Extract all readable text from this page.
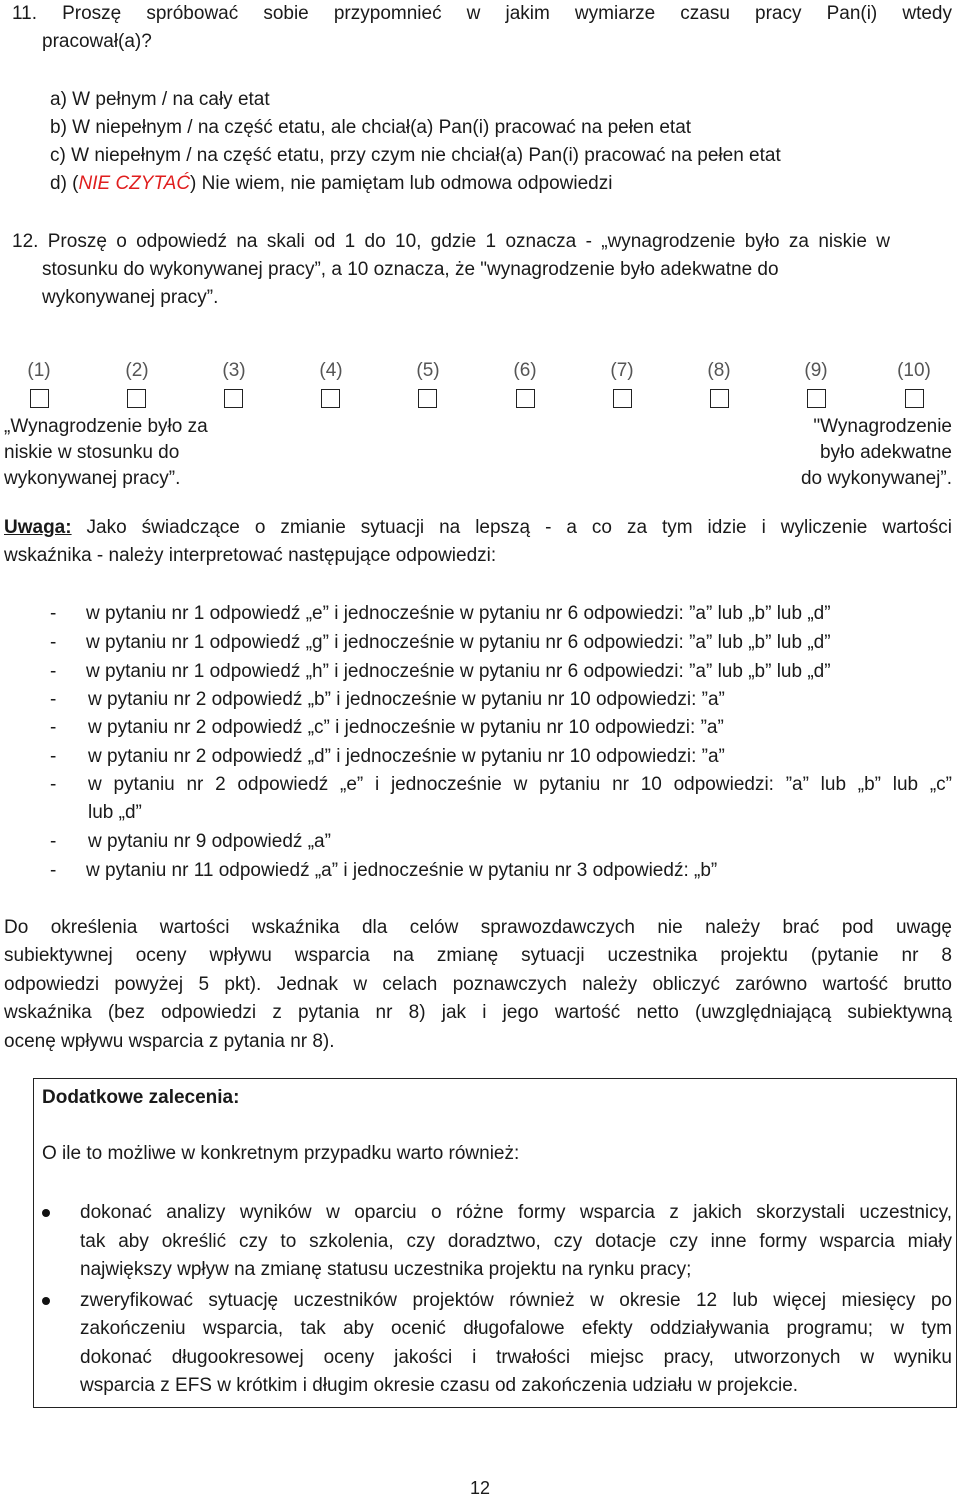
11. Proszę spróbować sobie przypomnieć w jakim wymiarze czasu pracy Pan(i) wtedy
pracował(a)?
a) W pełnym / na cały etat
b) W niepełnym / na część etatu, ale chciał(a) Pan(i) pracować na pełen etat
c) W niepełnym / na część etatu, przy czym nie chciał(a) Pan(i) pracować na pełen etat
d) (NIE CZYTAĆ) Nie wiem, nie pamiętam lub odmowa odpowiedzi
12. Proszę o odpowiedź na skali od 1 do 10, gdzie 1 oznacza - „wynagrodzenie było za niskie w
stosunku do wykonywanej pracy”, a 10 oznacza, że "wynagrodzenie było adekwatne do
wykonywanej pracy”.
(1)	(2)	(3)	(4)	(5)	(6)	(7)	(8)	(9)	(10)
„Wynagrodzenie było za
niskie w stosunku do
wykonywanej pracy”.
"Wynagrodzenie
było adekwatne
do wykonywanej”.
Uwaga: Jako świadczące o zmianie sytuacji na lepszą - a co za tym idzie i wyliczenie wartości
wskaźnika - należy interpretować następujące odpowiedzi:
- w pytaniu nr 1 odpowiedź „e” i jednocześnie w pytaniu nr 6 odpowiedzi: ”a” lub „b” lub „d”
- w pytaniu nr 1 odpowiedź „g” i jednocześnie w pytaniu nr 6 odpowiedzi: ”a” lub „b” lub „d”
- w pytaniu nr 1 odpowiedź „h” i jednocześnie w pytaniu nr 6 odpowiedzi: ”a” lub „b” lub „d”
- w pytaniu nr 2 odpowiedź „b” i jednocześnie w pytaniu nr 10 odpowiedzi: ”a”
- w pytaniu nr 2 odpowiedź „c” i jednocześnie w pytaniu nr 10 odpowiedzi: ”a”
- w pytaniu nr 2 odpowiedź „d” i jednocześnie w pytaniu nr 10 odpowiedzi: ”a”
- w pytaniu nr 2 odpowiedź „e” i jednocześnie w pytaniu nr 10 odpowiedzi: ”a” lub „b” lub „c”
lub „d”
- w pytaniu nr 9 odpowiedź „a”
- w pytaniu nr 11 odpowiedź „a” i jednocześnie w pytaniu nr 3 odpowiedź: „b”
Do określenia wartości wskaźnika dla celów sprawozdawczych nie należy brać pod uwagę
subiektywnej oceny wpływu wsparcia na zmianę sytuacji uczestnika projektu (pytanie nr 8
odpowiedzi powyżej 5 pkt). Jednak w celach poznawczych należy obliczyć zarówno wartość brutto
wskaźnika (bez odpowiedzi z pytania nr 8) jak i jego wartość netto (uwzględniającą subiektywną
ocenę wpływu wsparcia z pytania nr 8).
Dodatkowe zalecenia:
O ile to możliwe w konkretnym przypadku warto również:
dokonać analizy wyników w oparciu o różne formy wsparcia z jakich skorzystali uczestnicy,
tak aby określić czy to szkolenia, czy doradztwo, czy dotacje czy inne formy wsparcia miały
największy wpływ na zmianę statusu uczestnika projektu na rynku pracy;
zweryfikować sytuację uczestników projektów również w okresie 12 lub więcej miesięcy po
zakończeniu wsparcia, tak aby ocenić długofalowe efekty oddziaływania programu; w tym
dokonać długookresowej oceny jakości i trwałości miejsc pracy, utworzonych w wyniku
wsparcia z EFS w krótkim i długim okresie czasu od zakończenia udziału w projekcie.
12
